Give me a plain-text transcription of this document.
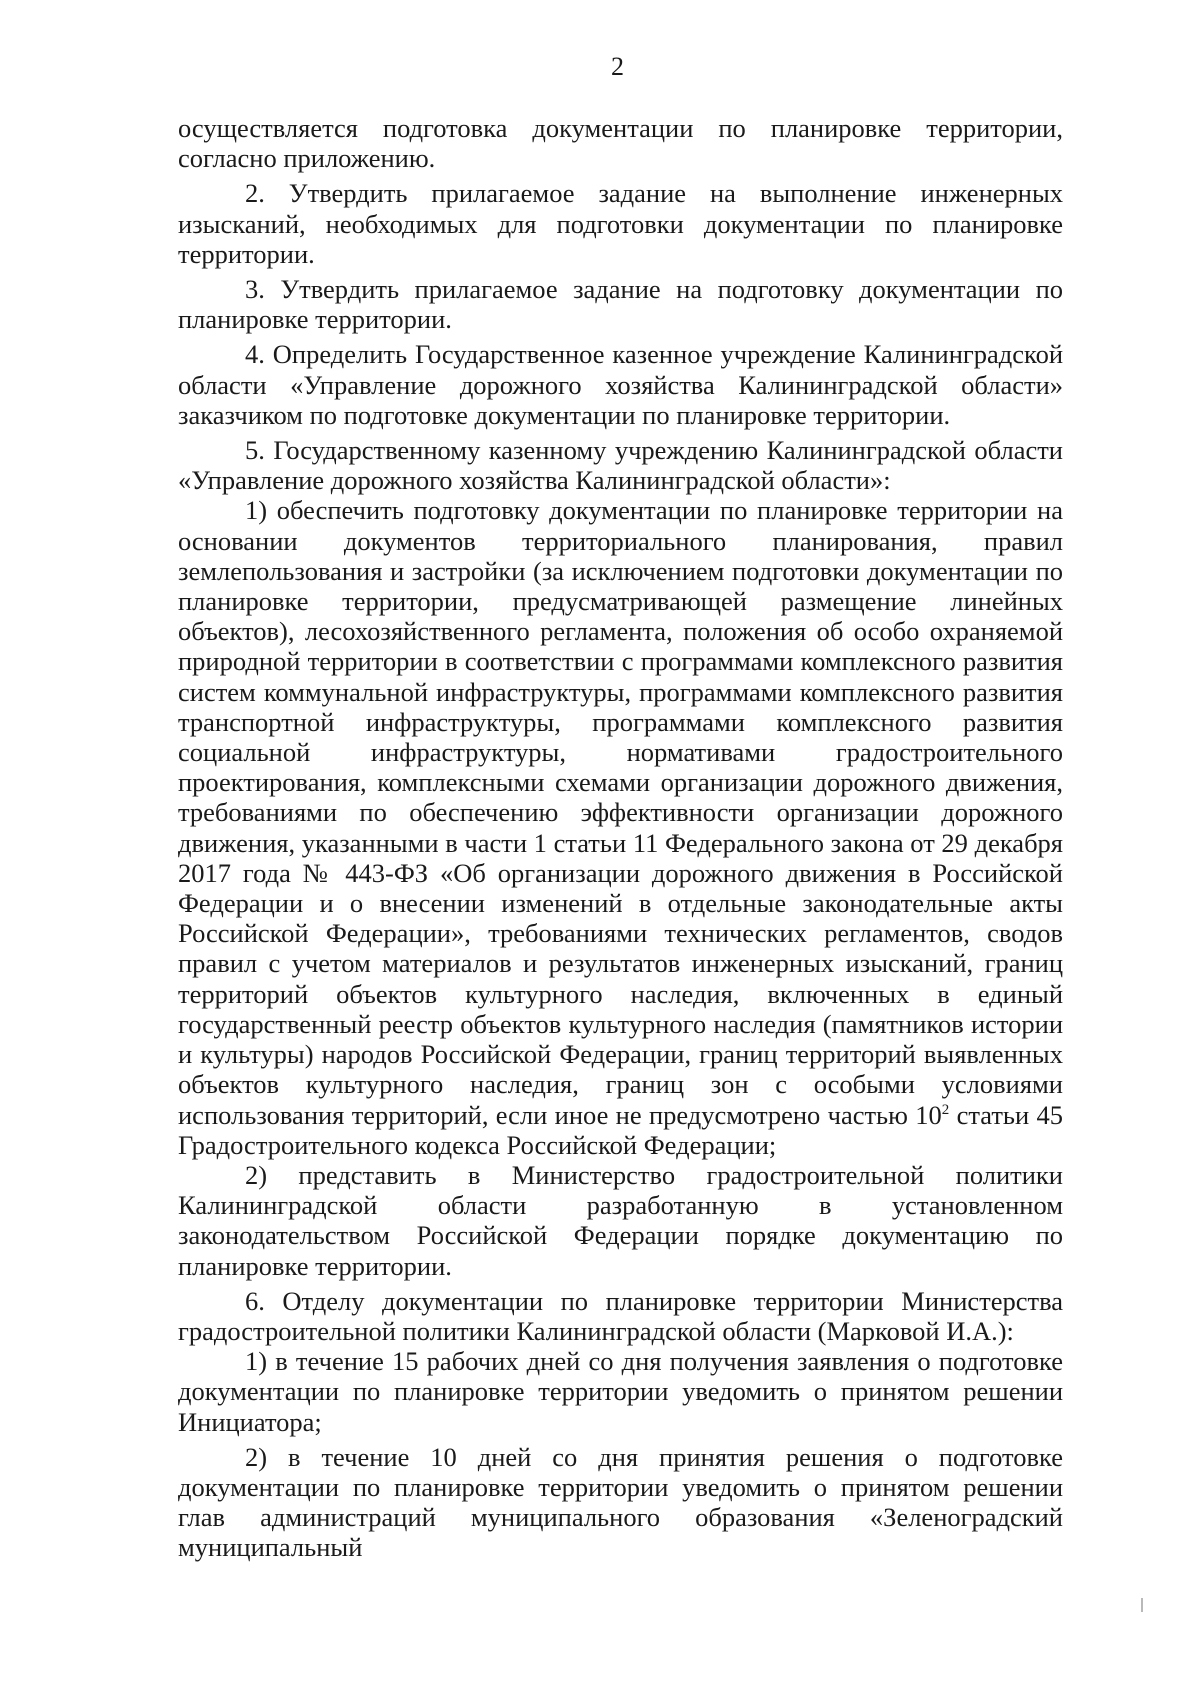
2

осуществляется подготовка документации по планировке территории, согласно приложению.

2. Утвердить прилагаемое задание на выполнение инженерных изысканий, необходимых для подготовки документации по планировке территории.

3. Утвердить прилагаемое задание на подготовку документации по планировке территории.

4. Определить Государственное казенное учреждение Калининградской области «Управление дорожного хозяйства Калининградской области» заказчиком по подготовке документации по планировке территории.

5. Государственному казенному учреждению Калининградской области «Управление дорожного хозяйства Калининградской области»:

1) обеспечить подготовку документации по планировке территории на основании документов территориального планирования, правил землепользования и застройки (за исключением подготовки документации по планировке территории, предусматривающей размещение линейных объектов), лесохозяйственного регламента, положения об особо охраняемой природной территории в соответствии с программами комплексного развития систем коммунальной инфраструктуры, программами комплексного развития транспортной инфраструктуры, программами комплексного развития социальной инфраструктуры, нормативами градостроительного проектирования, комплексными схемами организации дорожного движения, требованиями по обеспечению эффективности организации дорожного движения, указанными в части 1 статьи 11 Федерального закона от 29 декабря 2017 года № 443-ФЗ «Об организации дорожного движения в Российской Федерации и о внесении изменений в отдельные законодательные акты Российской Федерации», требованиями технических регламентов, сводов правил с учетом материалов и результатов инженерных изысканий, границ территорий объектов культурного наследия, включенных в единый государственный реестр объектов культурного наследия (памятников истории и культуры) народов Российской Федерации, границ территорий выявленных объектов культурного наследия, границ зон с особыми условиями использования территорий, если иное не предусмотрено частью $10^2$ статьи 45 Градостроительного кодекса Российской Федерации;

2) представить в Министерство градостроительной политики Калининградской области разработанную в установленном законодательством Российской Федерации порядке документацию по планировке территории.

6. Отделу документации по планировке территории Министерства градостроительной политики Калининградской области (Марковой И.А.):

1) в течение 15 рабочих дней со дня получения заявления о подготовке документации по планировке территории уведомить о принятом решении Инициатора;

2) в течение 10 дней со дня принятия решения о подготовке документации по планировке территории уведомить о принятом решении глав администраций муниципального образования «Зеленоградский муниципальный
